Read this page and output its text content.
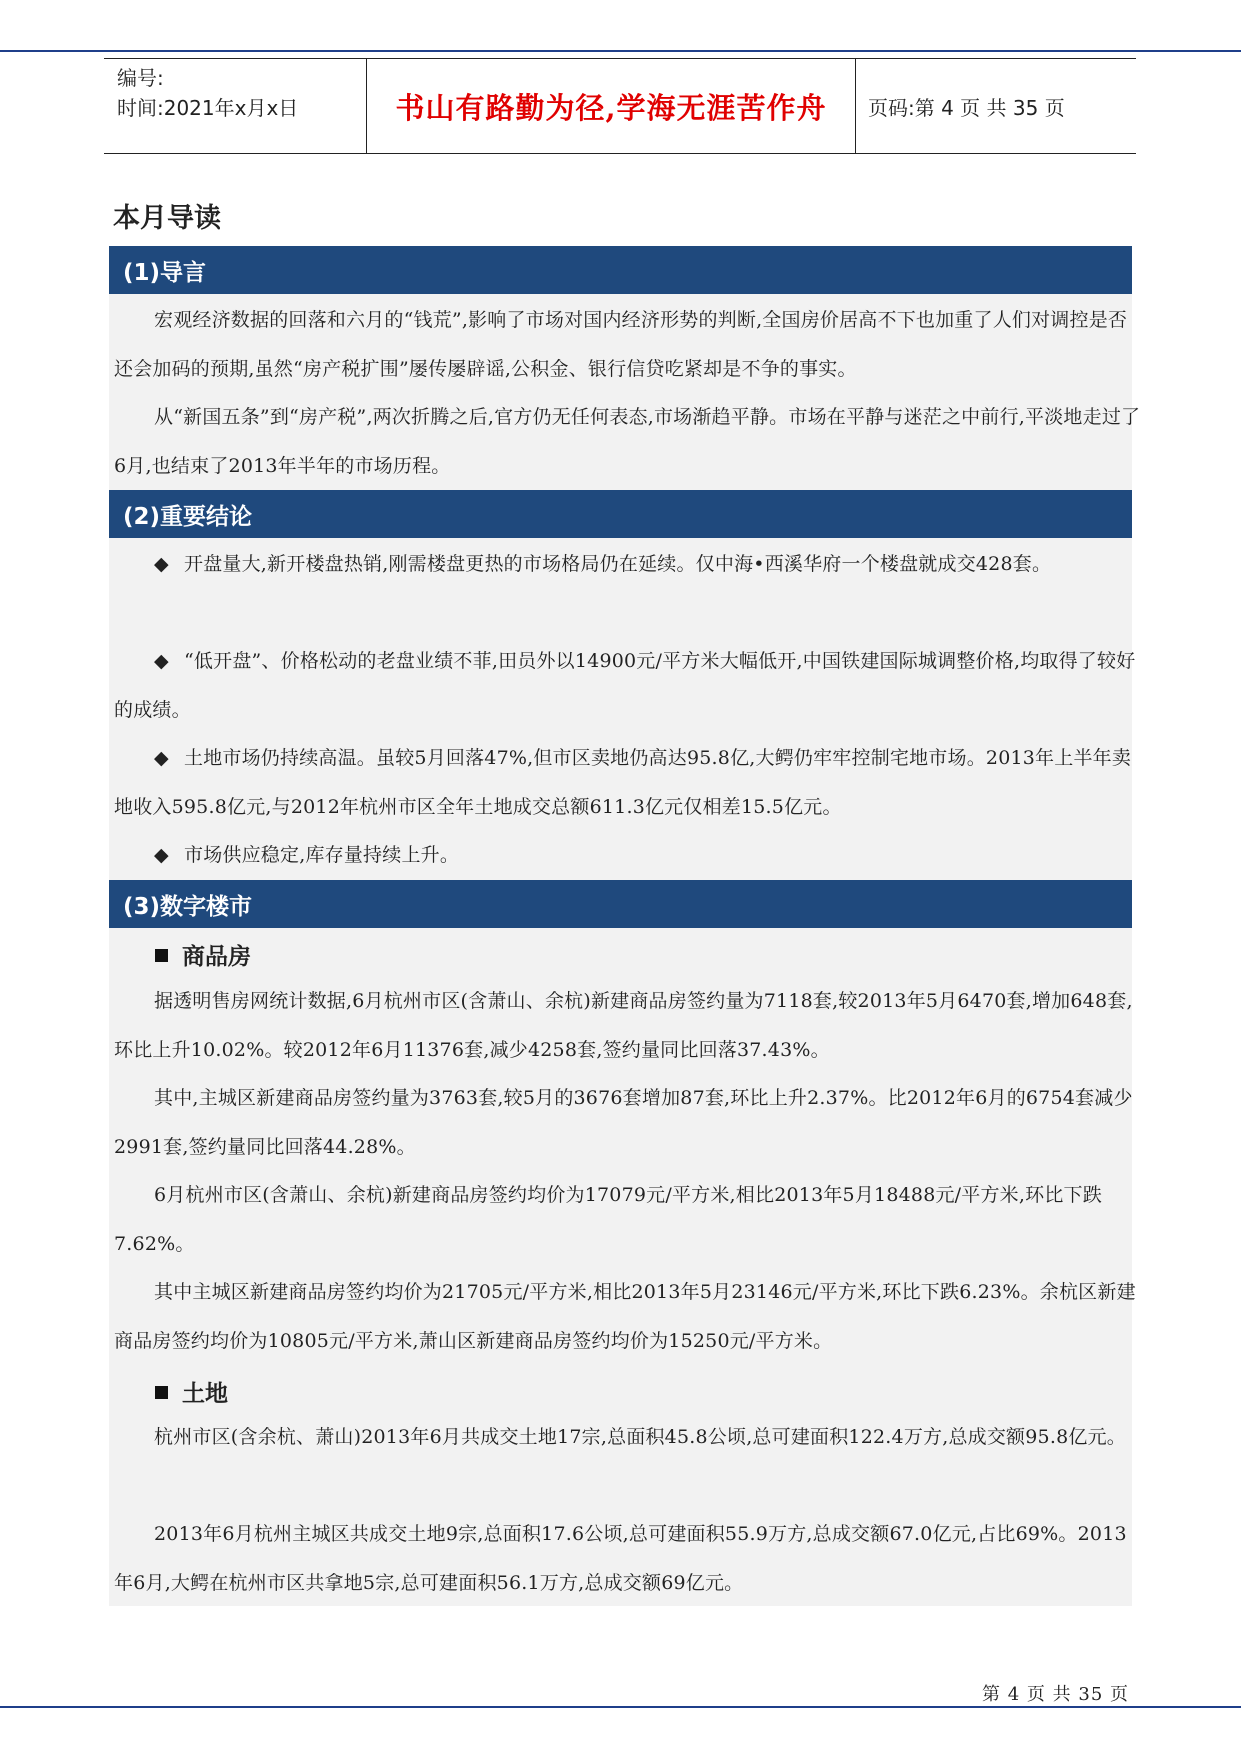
编号:
时间:2021年x月x日	书山有路勤为径,学海无涯苦作舟	页码:第 4 页 共 35 页
本月导读
(1)导言
宏观经济数据的回落和六月的“钱荒”,影响了市场对国内经济形势的判断,全国房价居高不下也加重了人们对调控是否还会加码的预期,虽然“房产税扩围”屡传屡辟谣,公积金、银行信贷吃紧却是不争的事实。
从“新国五条”到“房产税”,两次折腾之后,官方仍无任何表态,市场渐趋平静。市场在平静与迷茫之中前行,平淡地走过了6月,也结束了2013年半年的市场历程。
(2)重要结论
◆ 开盘量大,新开楼盘热销,刚需楼盘更热的市场格局仍在延续。仅中海•西溪华府一个楼盘就成交428套。
◆ “低开盘”、价格松动的老盘业绩不菲,田员外以14900元/平方米大幅低开,中国铁建国际城调整价格,均取得了较好的成绩。
◆ 土地市场仍持续高温。虽较5月回落47%,但市区卖地仍高达95.8亿,大鳄仍牢牢控制宅地市场。2013年上半年卖地收入595.8亿元,与2012年杭州市区全年土地成交总额611.3亿元仅相差15.5亿元。
◆ 市场供应稳定,库存量持续上升。
(3)数字楼市
商品房
据透明售房网统计数据,6月杭州市区(含萧山、余杭)新建商品房签约量为7118套,较2013年5月6470套,增加648套,环比上升10.02%。较2012年6月11376套,减少4258套,签约量同比回落37.43%。
其中,主城区新建商品房签约量为3763套,较5月的3676套增加87套,环比上升2.37%。比2012年6月的6754套减少2991套,签约量同比回落44.28%。
6月杭州市区(含萧山、余杭)新建商品房签约均价为17079元/平方米,相比2013年5月18488元/平方米,环比下跌7.62%。
其中主城区新建商品房签约均价为21705元/平方米,相比2013年5月23146元/平方米,环比下跌6.23%。余杭区新建商品房签约均价为10805元/平方米,萧山区新建商品房签约均价为15250元/平方米。
土地
杭州市区(含余杭、萧山)2013年6月共成交土地17宗,总面积45.8公顷,总可建面积122.4万方,总成交额95.8亿元。
2013年6月杭州主城区共成交土地9宗,总面积17.6公顷,总可建面积55.9万方,总成交额67.0亿元,占比69%。2013年6月,大鳄在杭州市区共拿地5宗,总可建面积56.1万方,总成交额69亿元。
第 4 页 共 35 页
